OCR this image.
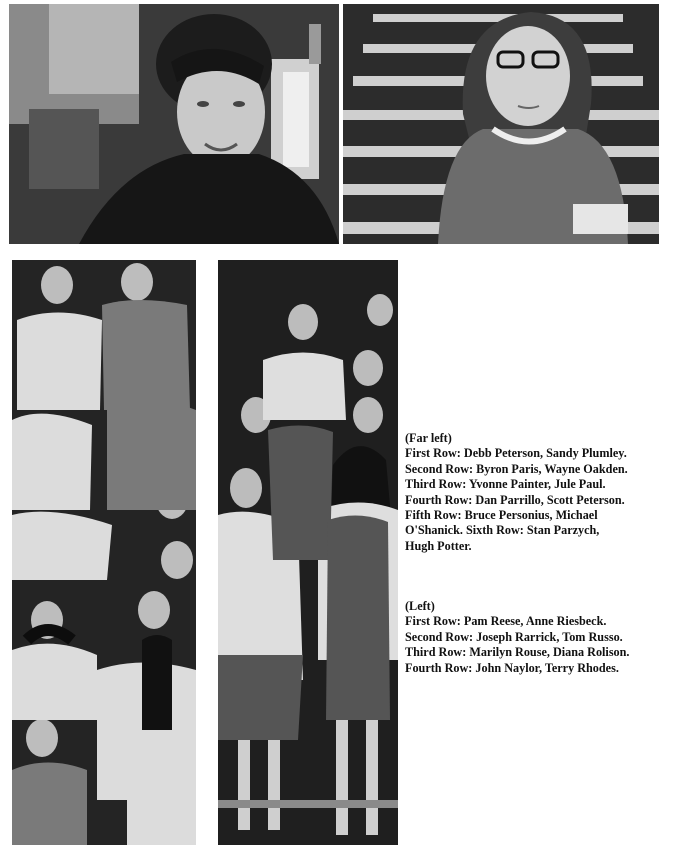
(Far left)

First Row: Debb Peterson, Sandy Plumley. Second Row: Byron Paris, Wayne Oakden. Third Row: Yvonne Painter, Jule Paul. Fourth Row: Dan Parrillo, Scott Peterson. Fifth Row: Bruce Personius, Michael O'Shanick. Sixth Row: Stan Parzych, Hugh Potter.

(Left)

First Row: Pam Reese, Anne Riesbeck. Second Row: Joseph Rarrick, Tom Russo. Third Row: Marilyn Rouse, Diana Rolison. Fourth Row: John Naylor, Terry Rhodes.
